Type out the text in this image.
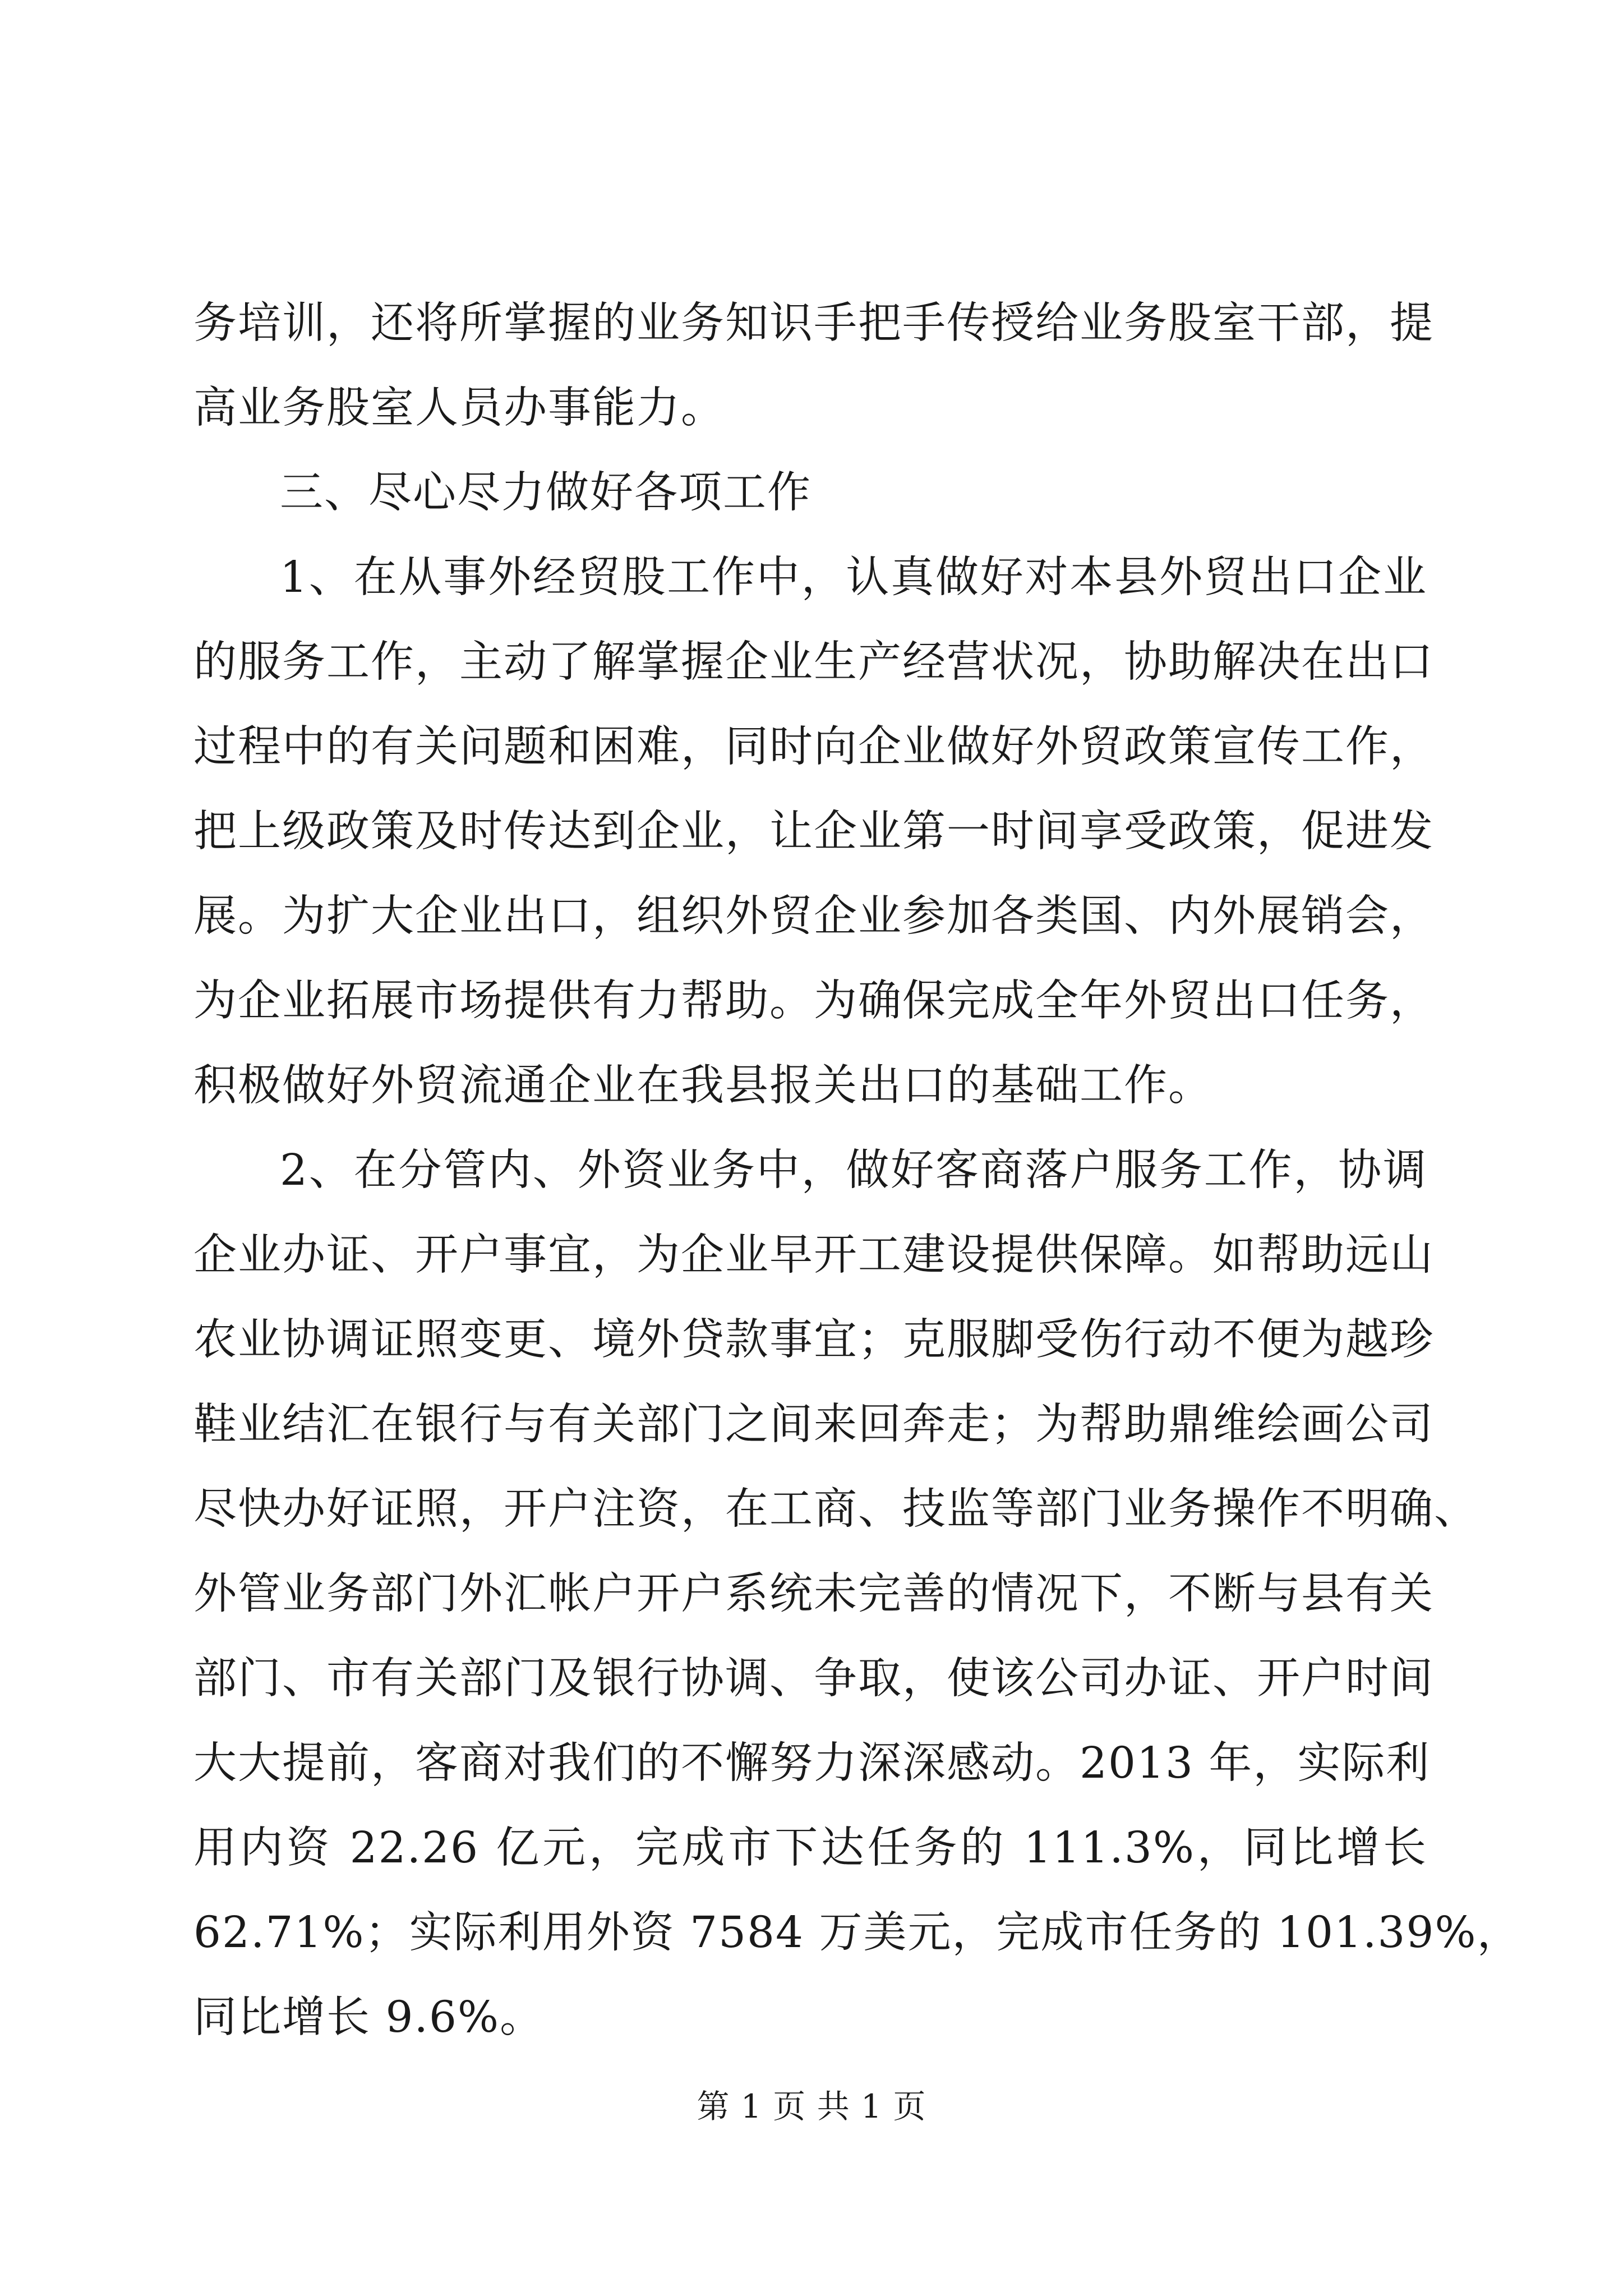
务培训，还将所掌握的业务知识手把手传授给业务股室干部，提
高业务股室人员办事能力。
三、尽心尽力做好各项工作
1、在从事外经贸股工作中，认真做好对本县外贸出口企业
的服务工作，主动了解掌握企业生产经营状况，协助解决在出口
过程中的有关问题和困难，同时向企业做好外贸政策宣传工作，
把上级政策及时传达到企业，让企业第一时间享受政策，促进发
展。为扩大企业出口，组织外贸企业参加各类国、内外展销会，
为企业拓展市场提供有力帮助。为确保完成全年外贸出口任务，
积极做好外贸流通企业在我县报关出口的基础工作。
2、在分管内、外资业务中，做好客商落户服务工作，协调
企业办证、开户事宜，为企业早开工建设提供保障。如帮助远山
农业协调证照变更、境外贷款事宜；克服脚受伤行动不便为越珍
鞋业结汇在银行与有关部门之间来回奔走；为帮助鼎维绘画公司
尽快办好证照，开户注资，在工商、技监等部门业务操作不明确、
外管业务部门外汇帐户开户系统未完善的情况下，不断与县有关
部门、市有关部门及银行协调、争取，使该公司办证、开户时间
大大提前，客商对我们的不懈努力深深感动。2013 年，实际利
用内资 22.26 亿元，完成市下达任务的 111.3%，同比增长
62.71%；实际利用外资 7584 万美元，完成市任务的 101.39%，
同比增长 9.6%。
第 1 页 共 1 页
